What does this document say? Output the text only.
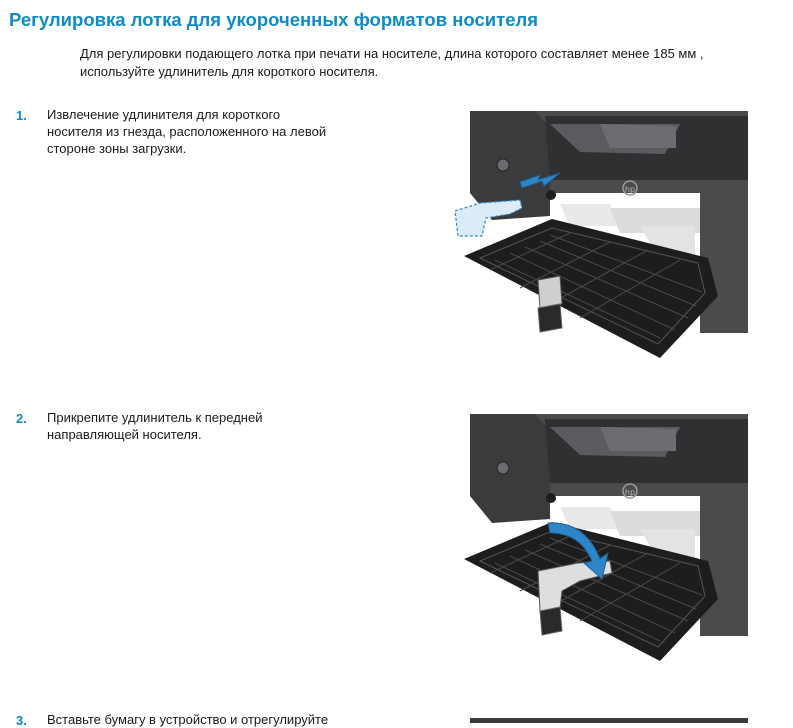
Регулировка лотка для укороченных форматов носителя
Для регулировки подающего лотка при печати на носителе, длина которого составляет менее 185 мм ,
используйте удлинитель для короткого носителя.
1. Извлечение удлинителя для короткого
носителя из гнезда, расположенного на левой
стороне зоны загрузки.
2. Прикрепите удлинитель к передней
направляющей носителя.
3. Вставьте бумагу в устройство и отрегулируйте
hp
hp
